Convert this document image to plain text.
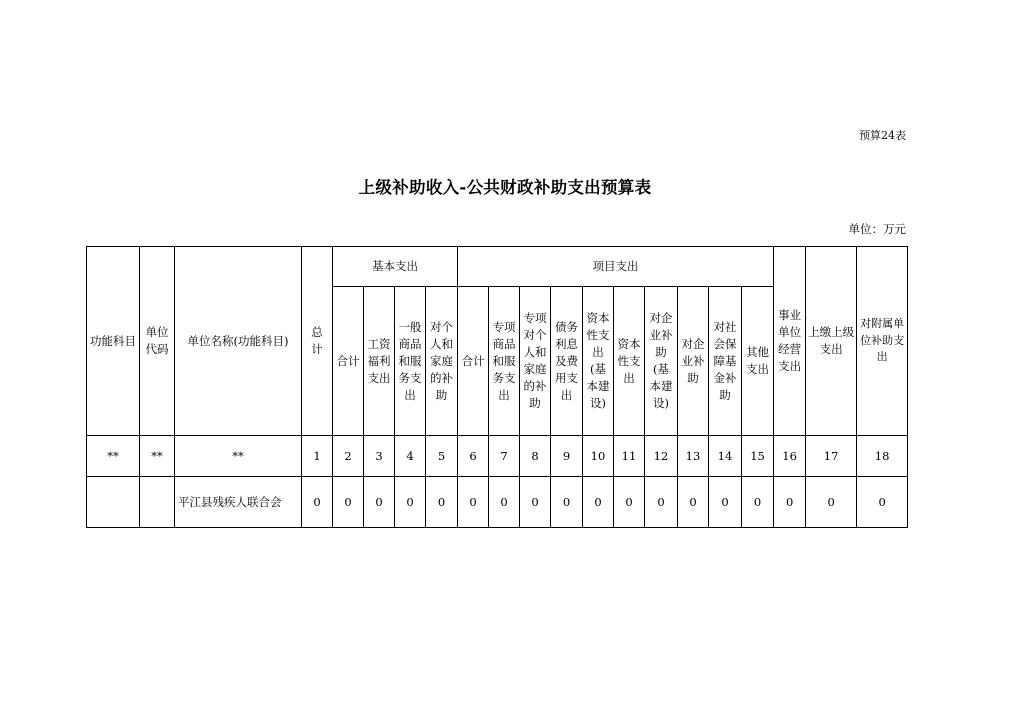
预算24表
上级补助收入-公共财政补助支出预算表
单位：万元
功能科目	单位代码	单位名称(功能科目)	总计	基本支出				项目支出										事业单位经营支出	上缴上级支出	对附属单位补助支出
				合计	工资福利支出	一般商品和服务支出	对个人和家庭的补助	合计	专项商品和服务支出	专项对个人和家庭的补助	债务利息及费用支出	资本性支出(基本建设)	资本性支出	对企业补助(基本建设)	对企业补助	对社会保障基金补助	其他支出			
**	**	**	1	2	3	4	5	6	7	8	9	10	11	12	13	14	15	16	17	18
		平江县残疾人联合会	0	0	0	0	0	0	0	0	0	0	0	0	0	0	0	0	0	0
